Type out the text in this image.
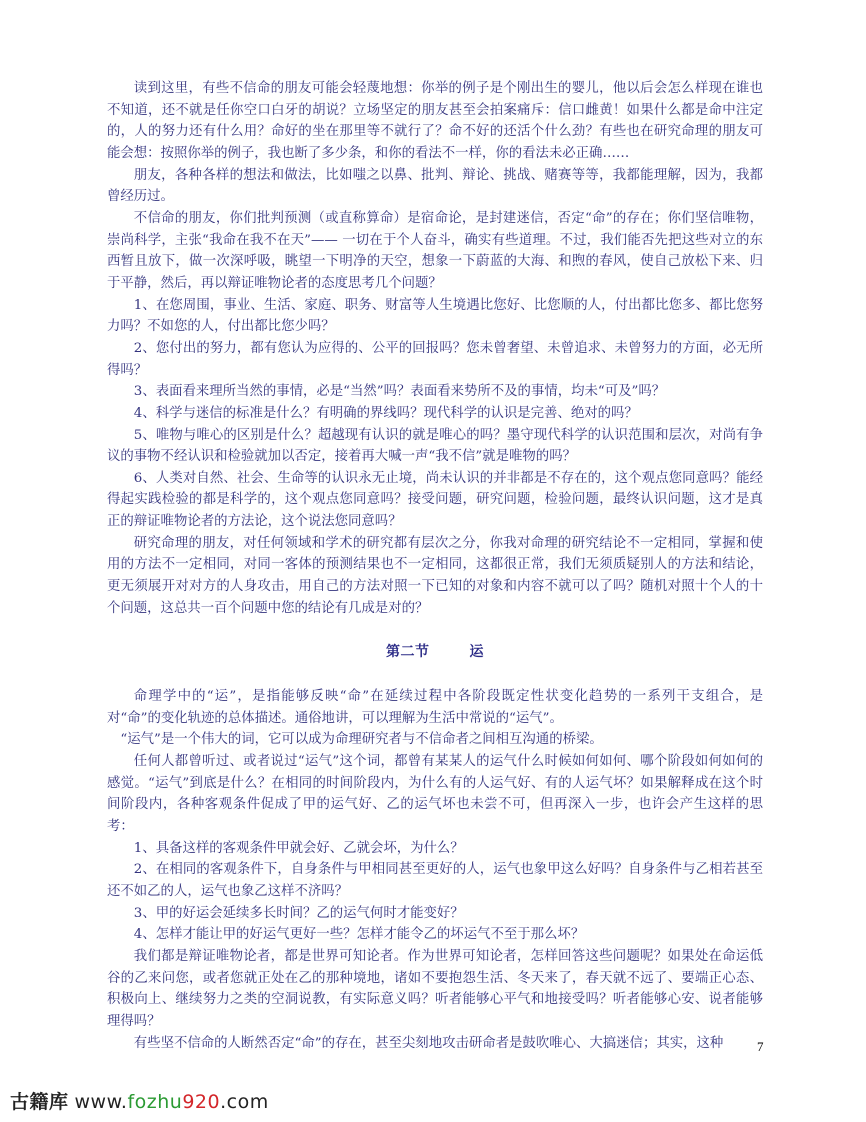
读到这里，有些不信命的朋友可能会轻蔑地想：你举的例子是个刚出生的婴儿，他以后会怎么样现在谁也不知道，还不就是任你空口白牙的胡说？立场坚定的朋友甚至会拍案痛斥：信口雌黄！如果什么都是命中注定的，人的努力还有什么用？命好的坐在那里等不就行了？命不好的还活个什么劲？有些也在研究命理的朋友可能会想：按照你举的例子，我也断了多少条，和你的看法不一样，你的看法未必正确……

朋友，各种各样的想法和做法，比如嗤之以鼻、批判、辩论、挑战、赌赛等等，我都能理解，因为，我都曾经历过。

不信命的朋友，你们批判预测（或直称算命）是宿命论，是封建迷信，否定“命”的存在；你们坚信唯物，崇尚科学，主张“我命在我不在天”—— 一切在于个人奋斗，确实有些道理。不过，我们能否先把这些对立的东西暂且放下，做一次深呼吸，眺望一下明净的天空，想象一下蔚蓝的大海、和煦的春风，使自己放松下来、归于平静，然后，再以辩证唯物论者的态度思考几个问题？

1、在您周围，事业、生活、家庭、职务、财富等人生境遇比您好、比您顺的人，付出都比您多、都比您努力吗？不如您的人，付出都比您少吗？

2、您付出的努力，都有您认为应得的、公平的回报吗？您未曾奢望、未曾追求、未曾努力的方面，必无所得吗？

3、表面看来理所当然的事情，必是“当然”吗？表面看来势所不及的事情，均未“可及”吗？

4、科学与迷信的标准是什么？有明确的界线吗？现代科学的认识是完善、绝对的吗？

5、唯物与唯心的区别是什么？超越现有认识的就是唯心的吗？墨守现代科学的认识范围和层次，对尚有争议的事物不经认识和检验就加以否定，接着再大喊一声“我不信”就是唯物的吗？

6、人类对自然、社会、生命等的认识永无止境，尚未认识的并非都是不存在的，这个观点您同意吗？能经得起实践检验的都是科学的，这个观点您同意吗？接受问题，研究问题，检验问题，最终认识问题，这才是真正的辩证唯物论者的方法论，这个说法您同意吗？

研究命理的朋友，对任何领域和学术的研究都有层次之分，你我对命理的研究结论不一定相同，掌握和使用的方法不一定相同，对同一客体的预测结果也不一定相同，这都很正常，我们无须质疑别人的方法和结论，更无须展开对对方的人身攻击，用自己的方法对照一下已知的对象和内容不就可以了吗？随机对照十个人的十个问题，这总共一百个问题中您的结论有几成是对的？

第二节	运

命理学中的“运”，是指能够反映“命”在延续过程中各阶段既定性状变化趋势的一系列干支组合，是对“命”的变化轨迹的总体描述。通俗地讲，可以理解为生活中常说的“运气”。

“运气”是一个伟大的词，它可以成为命理研究者与不信命者之间相互沟通的桥梁。

任何人都曾听过、或者说过“运气”这个词，都曾有某某人的运气什么时候如何如何、哪个阶段如何如何的感觉。“运气”到底是什么？在相同的时间阶段内，为什么有的人运气好、有的人运气坏？如果解释成在这个时间阶段内，各种客观条件促成了甲的运气好、乙的运气坏也未尝不可，但再深入一步，也许会产生这样的思考：

1、具备这样的客观条件甲就会好、乙就会坏，为什么？

2、在相同的客观条件下，自身条件与甲相同甚至更好的人，运气也象甲这么好吗？自身条件与乙相若甚至还不如乙的人，运气也象乙这样不济吗？

3、甲的好运会延续多长时间？乙的运气何时才能变好？

4、怎样才能让甲的好运气更好一些？怎样才能令乙的坏运气不至于那么坏？

我们都是辩证唯物论者，都是世界可知论者。作为世界可知论者，怎样回答这些问题呢？如果处在命运低谷的乙来问您，或者您就正处在乙的那种境地，诸如不要抱怨生活、冬天来了，春天就不远了、要端正心态、积极向上、继续努力之类的空洞说教，有实际意义吗？听者能够心平气和地接受吗？听者能够心安、说者能够理得吗？

有些坚不信命的人断然否定“命”的存在，甚至尖刻地攻击研命者是鼓吹唯心、大搞迷信；其实，这种	7
古籍库 www.fozhu920.com
